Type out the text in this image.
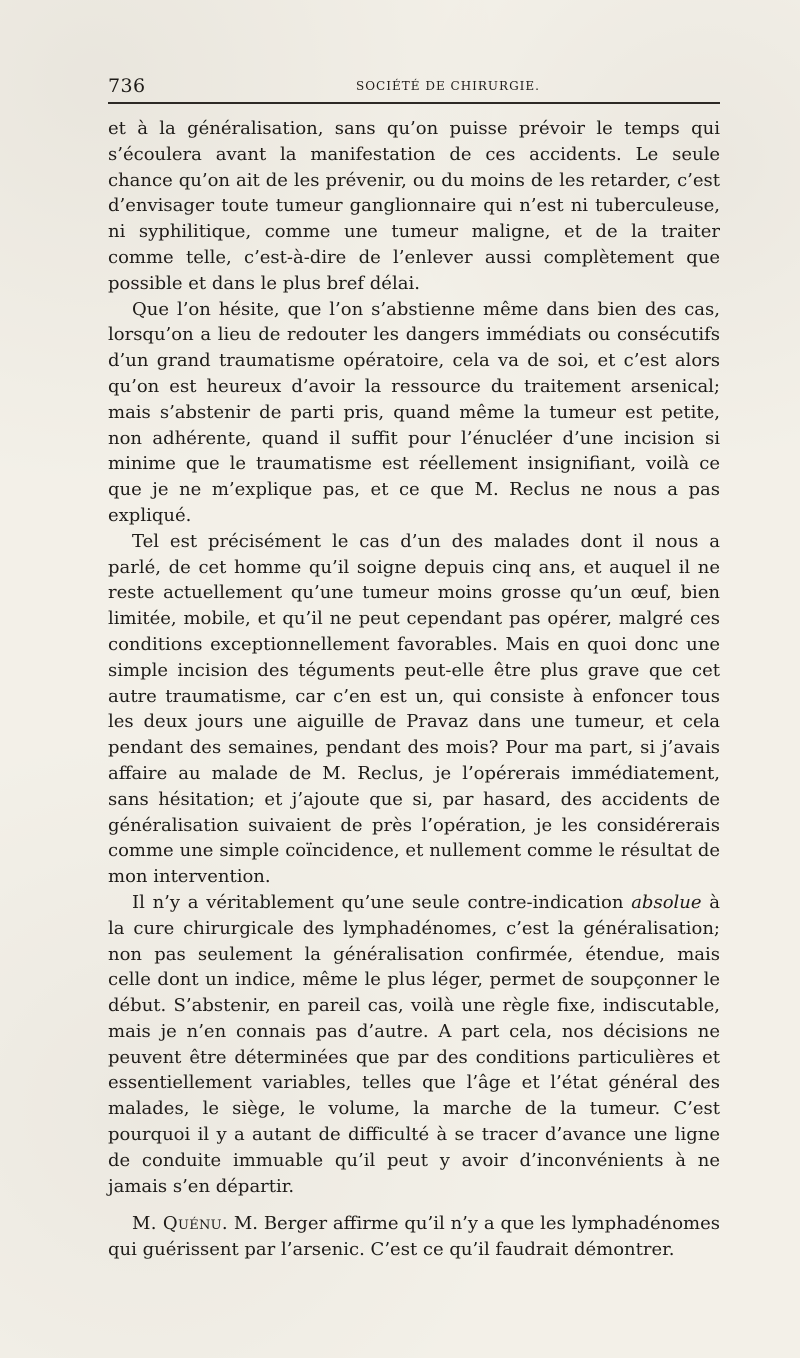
736	SOCIÉTÉ DE CHIRURGIE.

et à la généralisation, sans qu’on puisse prévoir le temps qui s’écoulera avant la manifestation de ces accidents. Le seule chance qu’on ait de les prévenir, ou du moins de les retarder, c’est d’envisager toute tumeur ganglionnaire qui n’est ni tuberculeuse, ni syphilitique, comme une tumeur maligne, et de la traiter comme telle, c’est-à-dire de l’enlever aussi complètement que possible et dans le plus bref délai.

Que l’on hésite, que l’on s’abstienne même dans bien des cas, lorsqu’on a lieu de redouter les dangers immédiats ou consécutifs d’un grand traumatisme opératoire, cela va de soi, et c’est alors qu’on est heureux d’avoir la ressource du traitement arsenical; mais s’abstenir de parti pris, quand même la tumeur est petite, non adhérente, quand il suffit pour l’énucléer d’une incision si minime que le traumatisme est réellement insignifiant, voilà ce que je ne m’explique pas, et ce que M. Reclus ne nous a pas expliqué.

Tel est précisément le cas d’un des malades dont il nous a parlé, de cet homme qu’il soigne depuis cinq ans, et auquel il ne reste actuellement qu’une tumeur moins grosse qu’un œuf, bien limitée, mobile, et qu’il ne peut cependant pas opérer, malgré ces conditions exceptionnellement favorables. Mais en quoi donc une simple incision des téguments peut-elle être plus grave que cet autre traumatisme, car c’en est un, qui consiste à enfoncer tous les deux jours une aiguille de Pravaz dans une tumeur, et cela pendant des semaines, pendant des mois? Pour ma part, si j’avais affaire au malade de M. Reclus, je l’opérerais immédiatement, sans hésitation; et j’ajoute que si, par hasard, des accidents de généralisation suivaient de près l’opération, je les considérerais comme une simple coïncidence, et nullement comme le résultat de mon intervention.

Il n’y a véritablement qu’une seule contre-indication absolue à la cure chirurgicale des lymphadénomes, c’est la généralisation; non pas seulement la généralisation confirmée, étendue, mais celle dont un indice, même le plus léger, permet de soupçonner le début. S’abstenir, en pareil cas, voilà une règle fixe, indiscutable, mais je n’en connais pas d’autre. A part cela, nos décisions ne peuvent être déterminées que par des conditions particulières et essentiellement variables, telles que l’âge et l’état général des malades, le siège, le volume, la marche de la tumeur. C’est pourquoi il y a autant de difficulté à se tracer d’avance une ligne de conduite immuable qu’il peut y avoir d’inconvénients à ne jamais s’en départir.

M. Quénu. M. Berger affirme qu’il n’y a que les lymphadénomes qui guérissent par l’arsenic. C’est ce qu’il faudrait démontrer.
